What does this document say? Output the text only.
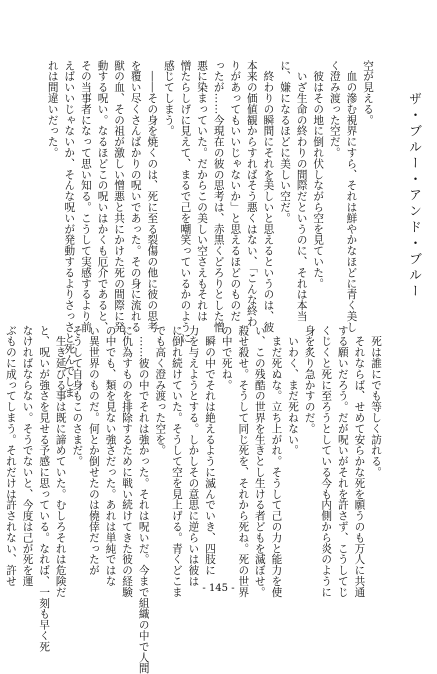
ザ・ブルー・アンド・ブルー
空が見える。
　血の滲む視界にすら、それは鮮やかなほどに青く美し
く澄み渡った空だ。
　彼はその地に倒れ伏しながら空を見ていた。
　いざ生命の終わりの間際だというのに、それは本当
に、嫌になるほどに美しい空だ。
　終わりの瞬間にそれを美しいと思えるというのは、彼
本来の価値観からすればそう悪くはない、「こんな終わ
りがあってもいいじゃないか」と思えるほどのものだ
ったが……今現在の彼の思考は、赤黒くどろりとした憎
悪に染まっていた。だからこの美しい空さえもそれは
憎たらしげに見えて、まるで己を嘲笑っているかのように
感じてしまう。
　――その身を焼くのは、死に至る裂傷の他に彼の思考
を覆い尽くさんばかりの呪いであった。その身に流れる
獣の血、その祖が激しい憎悪と共にかけた死の間際に発
動する呪い。なるほどこの呪いはかくも厄介であると、
その当事者になって思い知る。こうして実感するより前
えばいいじゃないか、そんな呪いが発動するよりさっさと死んでしま
れは間違いだった。
　死は誰にでも等しく訪れる。
　それならば、せめて安らかな死を願うのも万人に共通
する願いだろう。だが呪いがそれを許さず、こうしてじ
くじくと死に至ろうとしている今も内側から炎のように
身を炙り急かすのだ。
　いわく、まだ死ねない。
　まだ死ぬな。立ち上がれ。そうして己の力と能力を使
い、この残酷の世界を生きとし生ける者どもを滅ぼせ。
殺せ殺せ。そうして同じ死を、それから死ね。死の世界
の中で死ね。
　瞬の中でそれは絶えるように滅んでいき、四肢に
力を与えようとする。しかしその意思に逆らいは彼は
に倒れ続けていた。そうして空を見上げる。青くどこま
でも高く澄み渡った空を。
　……彼の中でそれは強かった。それは呪いだ。今まで組織の中で人間
に仇為すものを排除するために戦い続けてきた彼の経験
の中でも、類を見ない強さだった。あれは単純ではな
い異世界のものだ。何とか倒せたのは僥倖だったが
そうして自身もこのさまだ。
　生き延びる事は既に諦めていた。むしろそれは危険だ
と、呪いが強さを見せる予感に思っている。なれば、一刻も早く死
なければならない。そうでないと、今度は己が死を運
ぶものに成ってしまう。それだけは許されない、許せ

- 145 -
